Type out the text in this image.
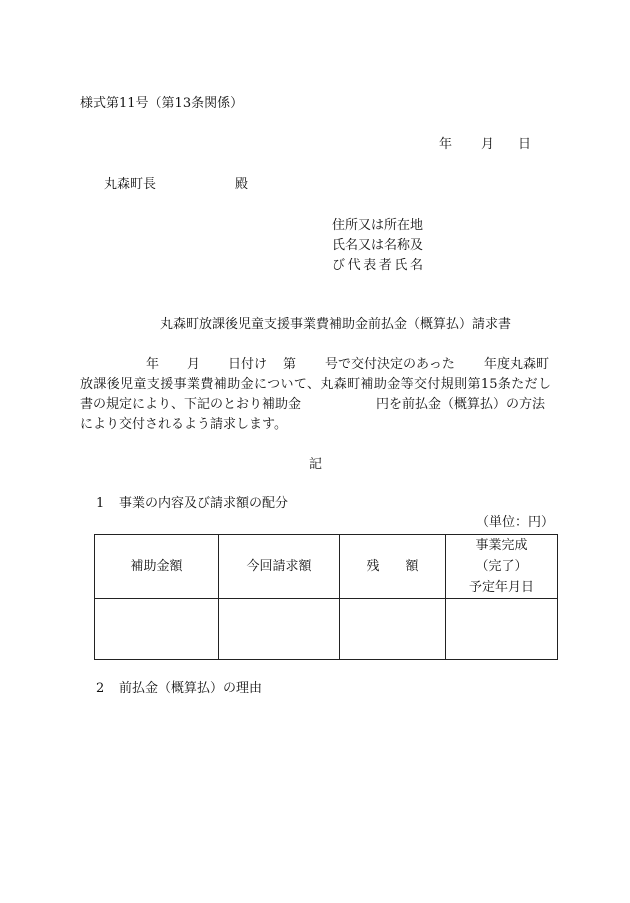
様式第11号（第13条関係）
年 月 日
丸森町長	殿
住所又は所在地
氏名又は名称及
び代表者氏名
丸森町放課後児童支援事業費補助金前払金（概算払）請求書
年 月 日付け 第 号で交付決定のあった 年度丸森町
放課後児童支援事業費補助金について、丸森町補助金等交付規則第15条ただし
書の規定により、下記のとおり補助金	円を前払金（概算払）の方法
により交付されるよう請求します。
記
1 事業の内容及び請求額の配分
（単位：円）
補助金額	今回請求額	残　　額	事業完成
（完了）
予定年月日

2 前払金（概算払）の理由
